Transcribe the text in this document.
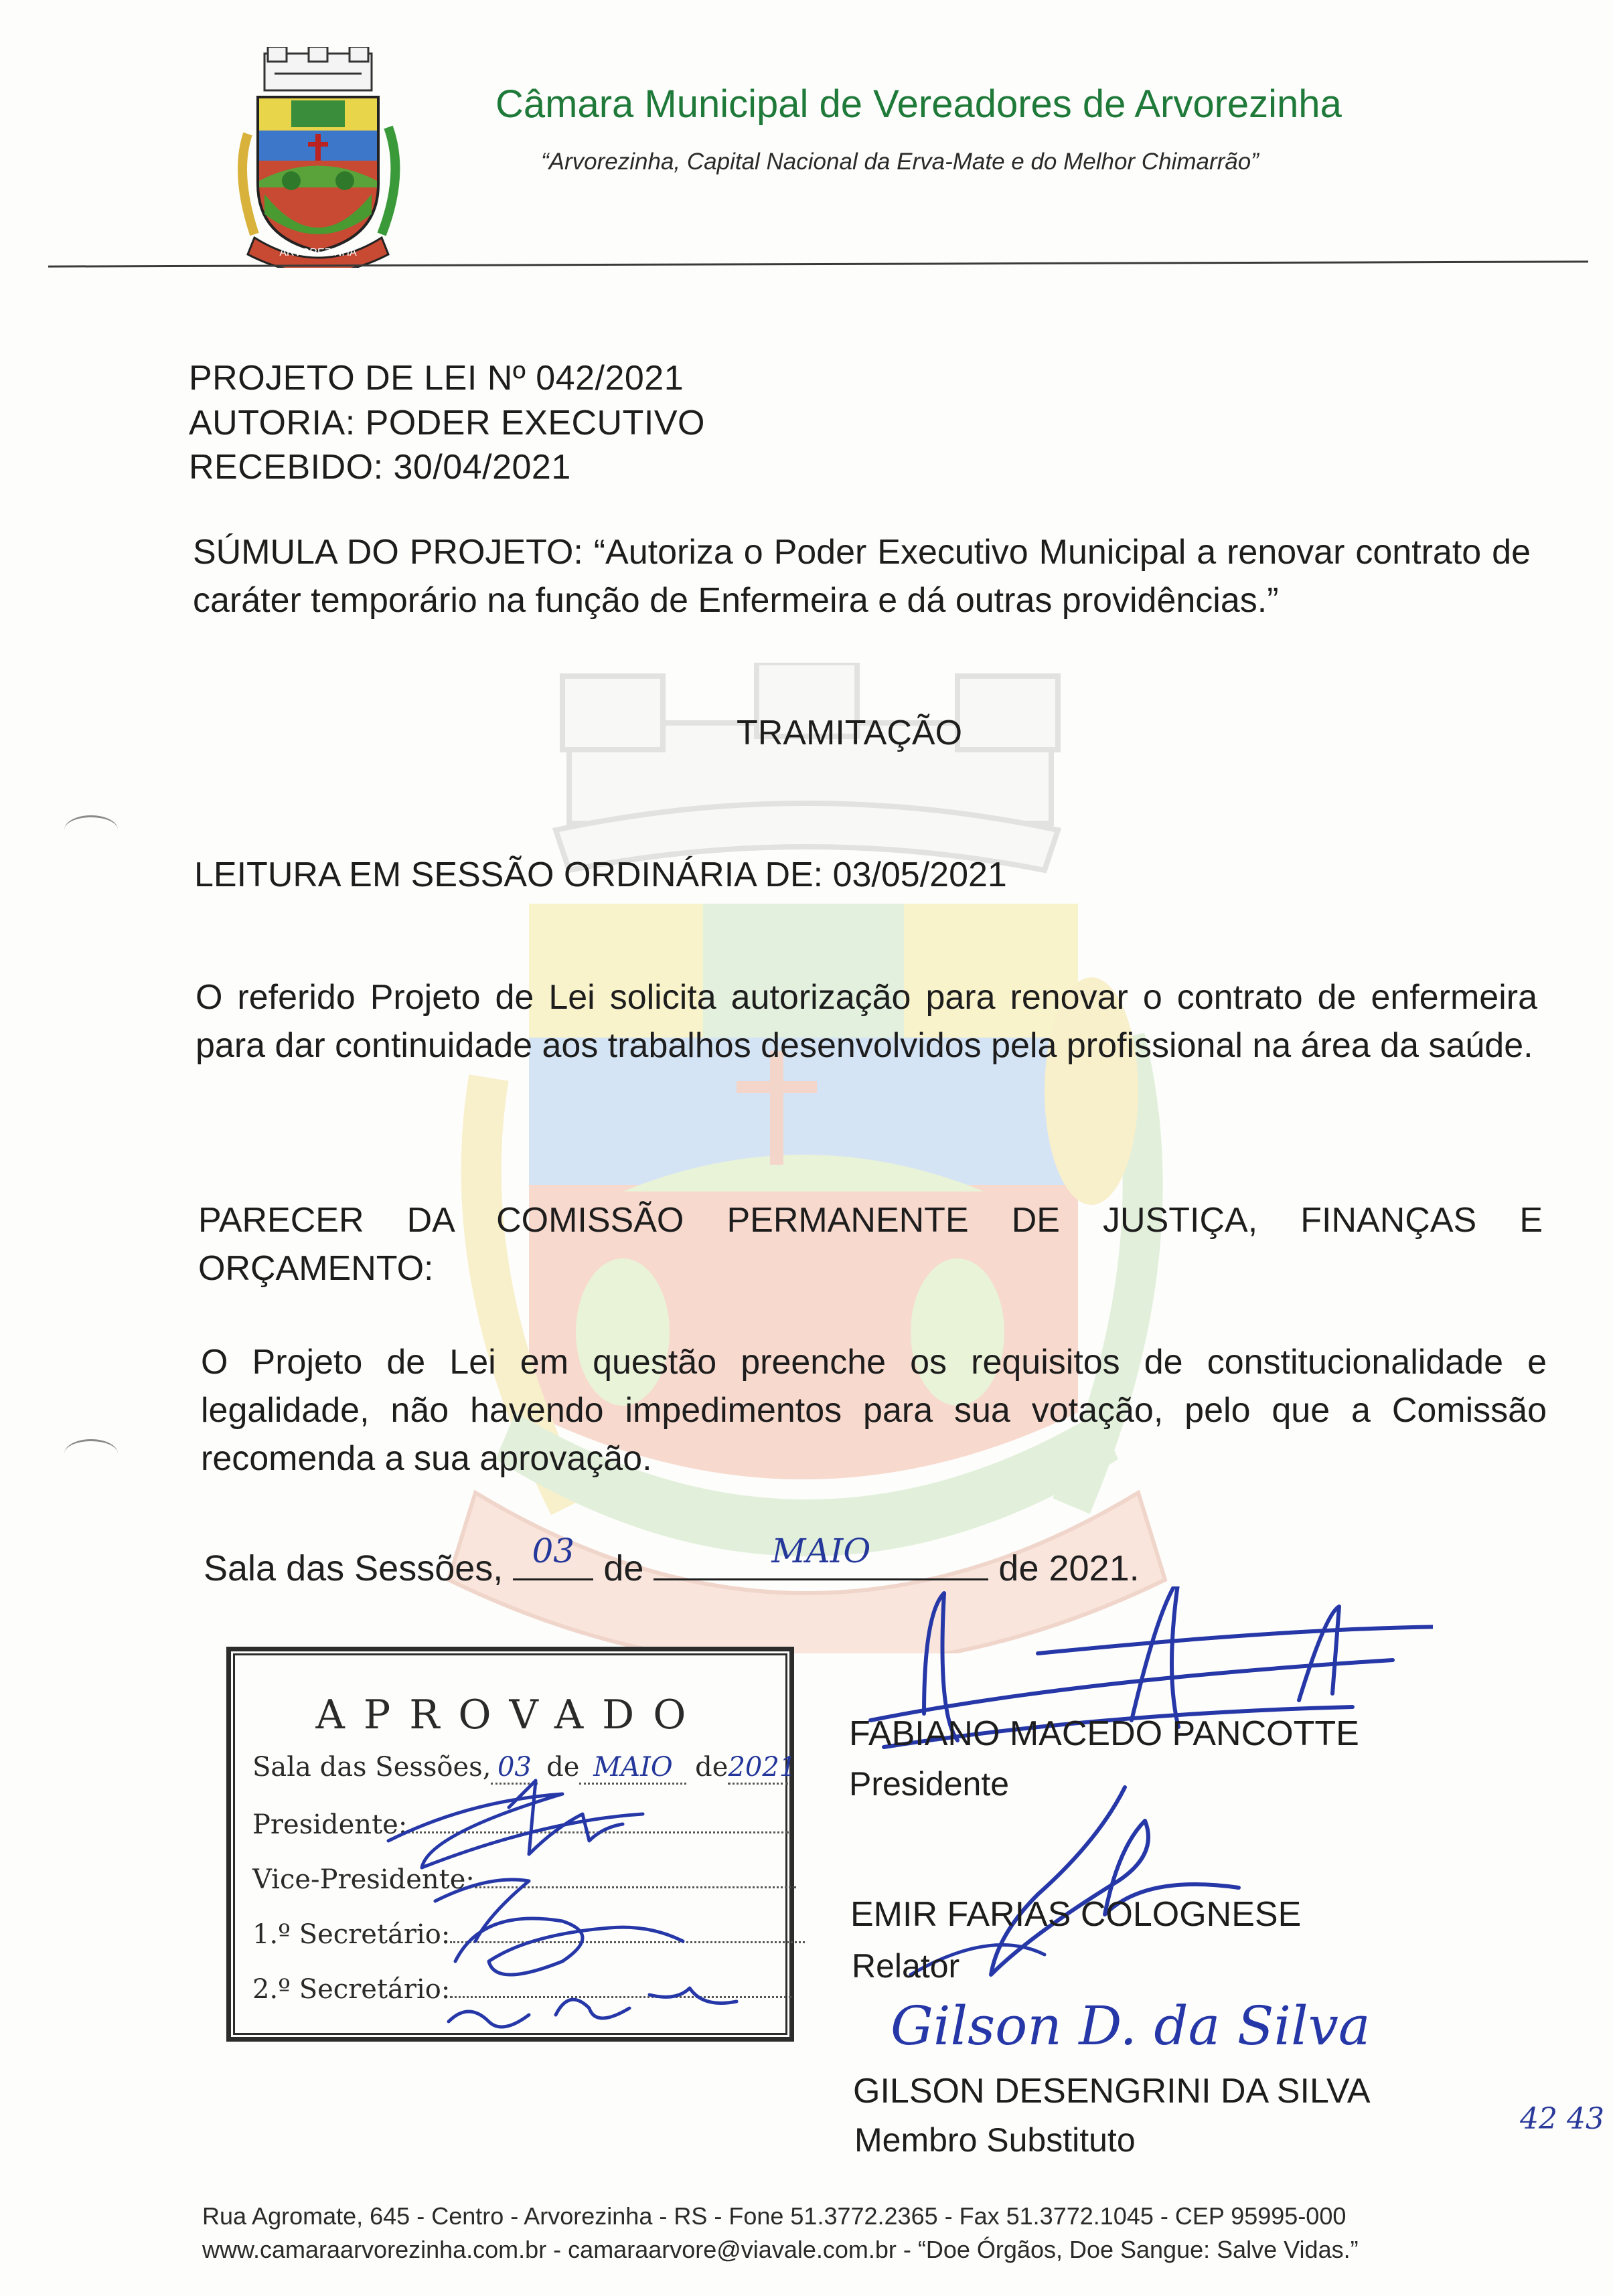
ARVOREZINHA
Câmara Municipal de Vereadores de Arvorezinha
“Arvorezinha, Capital Nacional da Erva-Mate e do Melhor Chimarrão”
PROJETO DE LEI Nº 042/2021
AUTORIA: PODER EXECUTIVO
RECEBIDO: 30/04/2021
SÚMULA DO PROJETO: “Autoriza o Poder Executivo Municipal a renovar contrato de caráter temporário na função de Enfermeira e dá outras providências.”
TRAMITAÇÃO
LEITURA EM SESSÃO ORDINÁRIA DE: 03/05/2021
O referido Projeto de Lei solicita autorização para renovar o contrato de enfermeira para dar continuidade aos trabalhos desenvolvidos pela profissional na área da saúde.
PARECER DA COMISSÃO PERMANENTE DE JUSTIÇA, FINANÇAS E ORÇAMENTO:
O Projeto de Lei em questão preenche os requisitos de constitucionalidade e legalidade, não havendo impedimentos para sua votação, pelo que a Comissão recomenda a sua aprovação.
Sala das Sessões, 03 de	MAIO	de 2021.
APROVADO
Sala das Sessões, 03 de MAIO de2021
Presidente:
Vice-Presidente:
1.º Secretário:
2.º Secretário:
FABIANO MACEDO PANCOTTE
Presidente
EMIR FARIAS COLOGNESE
Relator
Gilson D. da Silva
GILSON DESENGRINI DA SILVA
Membro Substituto
42 43
Rua Agromate, 645 - Centro - Arvorezinha - RS - Fone 51.3772.2365 - Fax 51.3772.1045 - CEP 95995-000
www.camaraarvorezinha.com.br - camaraarvore@viavale.com.br - “Doe Órgãos, Doe Sangue: Salve Vidas.”
